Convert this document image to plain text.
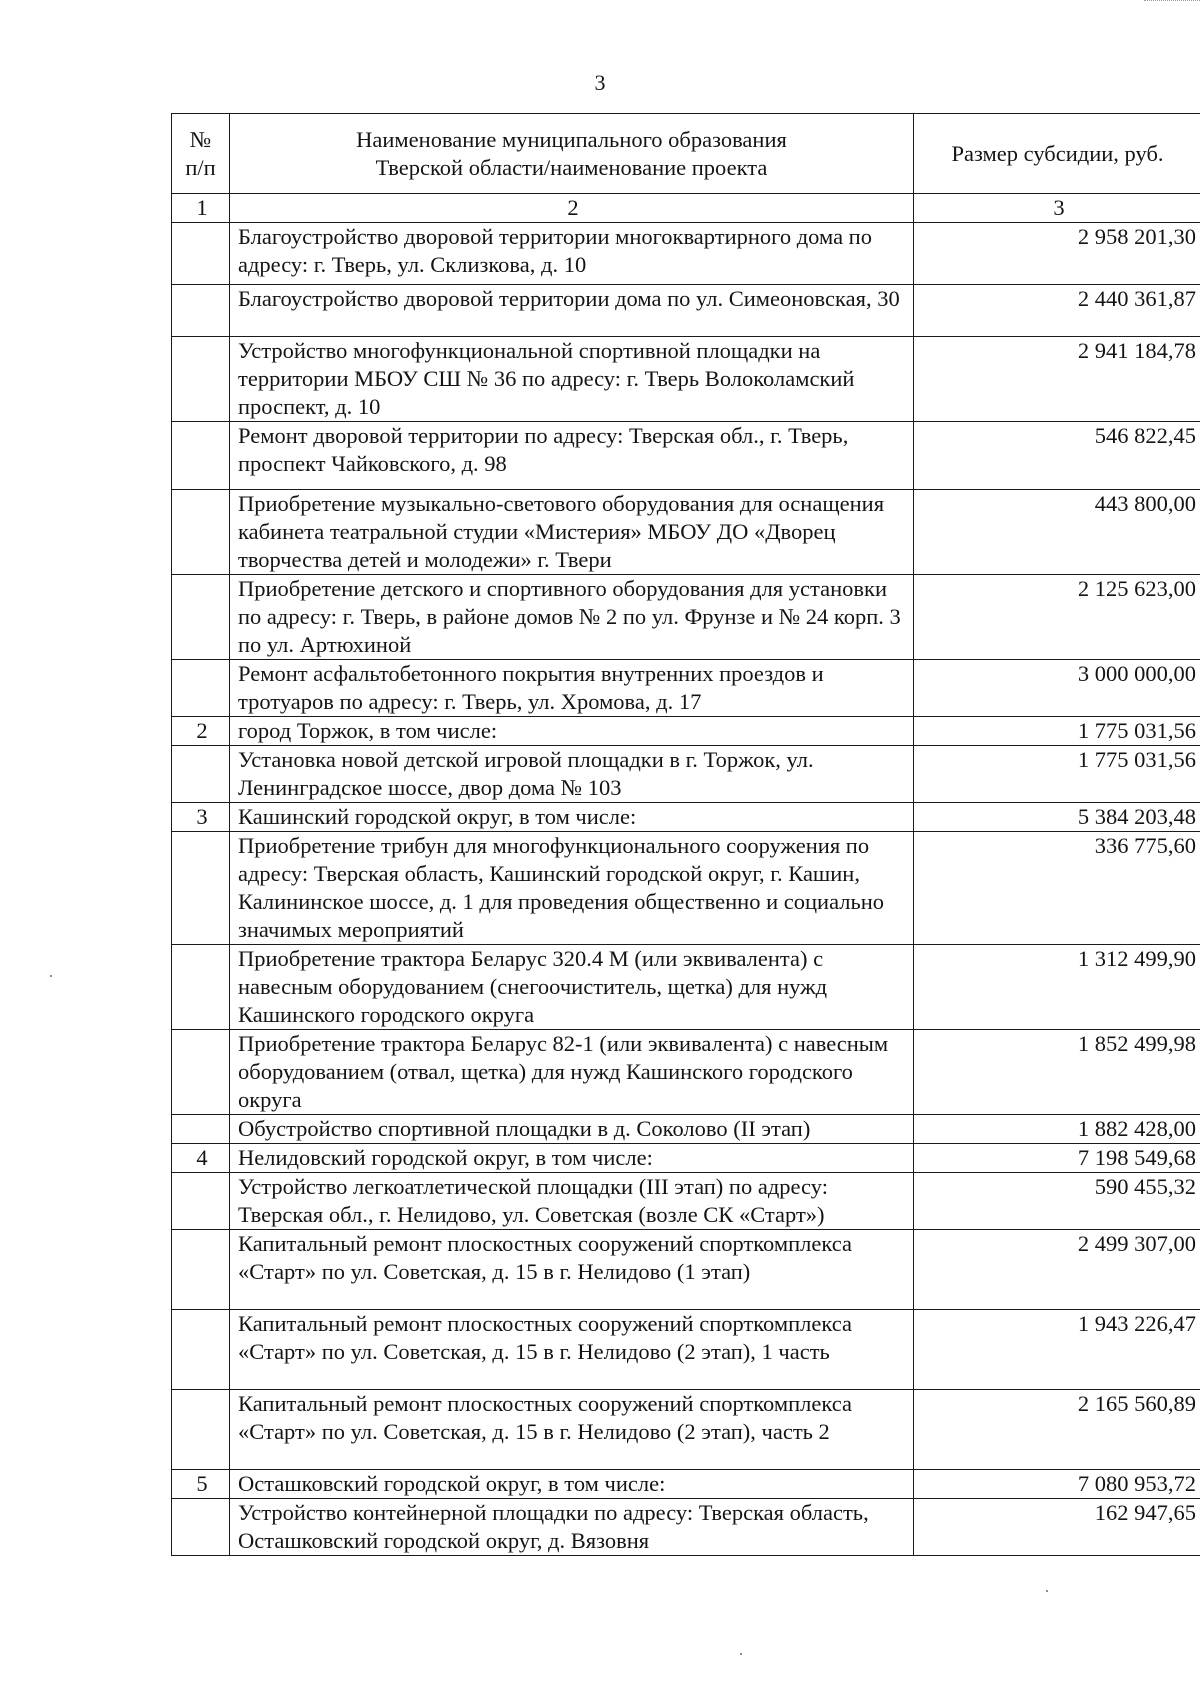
3
№ п/п	Наименование муниципального образования Тверской области/наименование проекта	Размер субсидии, руб.
1	2	3
	Благоустройство дворовой территории многоквартирного дома по адресу: г. Тверь, ул. Склизкова, д. 10	2 958 201,30
	Благоустройство дворовой территории дома по ул. Симеоновская, 30	2 440 361,87
	Устройство многофункциональной спортивной площадки на территории МБОУ СШ № 36 по адресу: г. Тверь Волоколамский проспект, д. 10	2 941 184,78
	Ремонт дворовой территории по адресу: Тверская обл., г. Тверь, проспект Чайковского, д. 98	546 822,45
	Приобретение музыкально-светового оборудования для оснащения кабинета театральной студии «Мистерия» МБОУ ДО «Дворец творчества детей и молодежи» г. Твери	443 800,00
	Приобретение детского и спортивного оборудования для установки по адресу: г. Тверь, в районе домов № 2 по ул. Фрунзе и № 24 корп. 3 по ул. Артюхиной	2 125 623,00
	Ремонт асфальтобетонного покрытия внутренних проездов и тротуаров по адресу: г. Тверь, ул. Хромова, д. 17	3 000 000,00
2	город Торжок, в том числе:	1 775 031,56
	Установка новой детской игровой площадки в г. Торжок, ул. Ленинградское шоссе, двор дома № 103	1 775 031,56
3	Кашинский городской округ, в том числе:	5 384 203,48
	Приобретение трибун для многофункционального сооружения по адресу: Тверская область, Кашинский городской округ, г. Кашин, Калининское шоссе, д. 1 для проведения общественно и социально значимых мероприятий	336 775,60
	Приобретение трактора Беларус 320.4 М (или эквивалента) с навесным оборудованием (снегоочиститель, щетка) для нужд Кашинского городского округа	1 312 499,90
	Приобретение трактора Беларус 82-1 (или эквивалента) с навесным оборудованием (отвал, щетка) для нужд Кашинского городского округа	1 852 499,98
	Обустройство спортивной площадки в д. Соколово (II этап)	1 882 428,00
4	Нелидовский городской округ, в том числе:	7 198 549,68
	Устройство легкоатлетической площадки (III этап) по адресу: Тверская обл., г. Нелидово, ул. Советская (возле СК «Старт»)	590 455,32
	Капитальный ремонт плоскостных сооружений спорткомплекса «Старт» по ул. Советская, д. 15 в г. Нелидово (1 этап)	2 499 307,00
	Капитальный ремонт плоскостных сооружений спорткомплекса «Старт» по ул. Советская, д. 15 в г. Нелидово (2 этап), 1 часть	1 943 226,47
	Капитальный ремонт плоскостных сооружений спорткомплекса «Старт» по ул. Советская, д. 15 в г. Нелидово (2 этап), часть 2	2 165 560,89
5	Осташковский городской округ, в том числе:	7 080 953,72
	Устройство контейнерной площадки по адресу: Тверская область, Осташковский городской округ, д. Вязовня	162 947,65
